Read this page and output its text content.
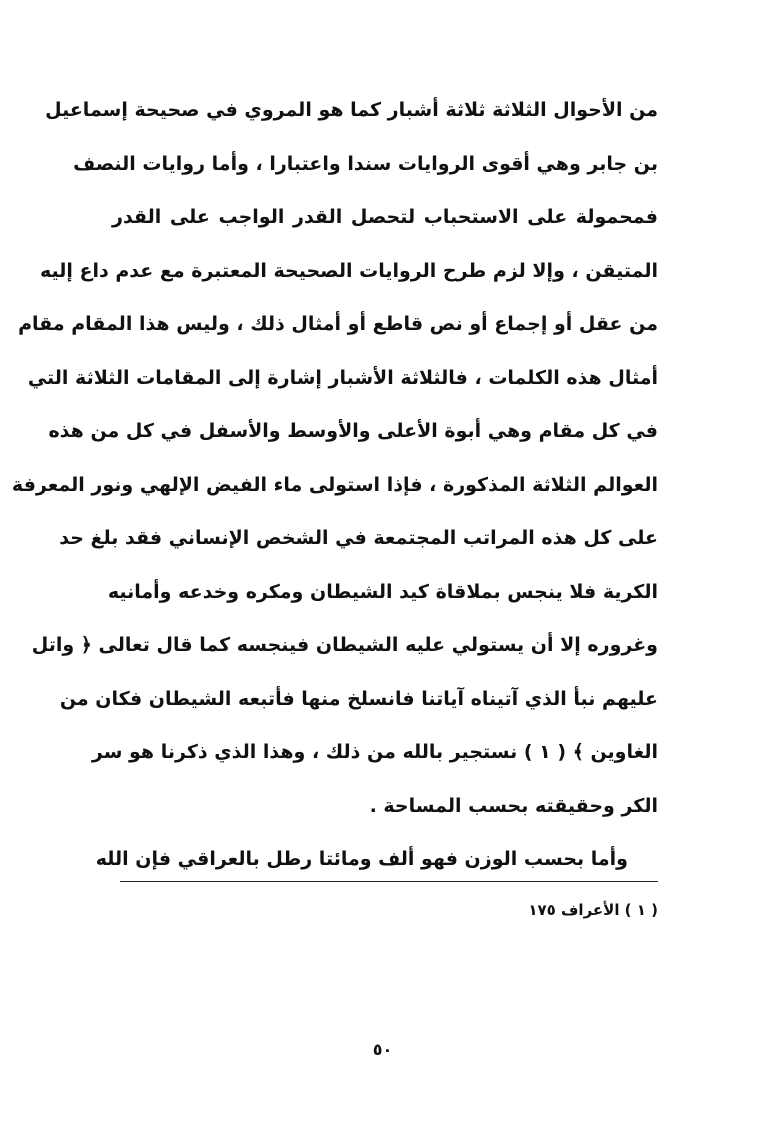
من الأحوال الثلاثة ثلاثة أشبار كما هو المروي في صحيحة إسماعيل
بن جابر وهي أقوى الروايات سندا واعتبارا ، وأما روايات النصف
فمحمولة على الاستحباب لتحصل القدر الواجب على القدر
المتيقن ، وإلا لزم طرح الروايات الصحيحة المعتبرة مع عدم داع إليه
من عقل أو إجماع أو نص قاطع أو أمثال ذلك ، وليس هذا المقام مقام
أمثال هذه الكلمات ، فالثلاثة الأشبار إشارة إلى المقامات الثلاثة التي
في كل مقام وهي أبوة الأعلى والأوسط والأسفل في كل من هذه
العوالم الثلاثة المذكورة ، فإذا استولى ماء الفيض الإلهي ونور المعرفة
على كل هذه المراتب المجتمعة في الشخص الإنساني فقد بلغ حد
الكرية فلا ينجس بملاقاة كيد الشيطان ومكره وخدعه وأمانيه
وغروره إلا أن يستولي عليه الشيطان فينجسه كما قال تعالى ﴿ واتل
عليهم نبأ الذي آتيناه آياتنا فانسلخ منها فأتبعه الشيطان فكان من
الغاوين ﴾ ( ١ ) نستجير بالله من ذلك ، وهذا الذي ذكرنا هو سر
الكر وحقيقته بحسب المساحة .
وأما بحسب الوزن فهو ألف ومائتا رطل بالعراقي فإن الله
( ١ ) الأعراف ١٧٥
٥٠
